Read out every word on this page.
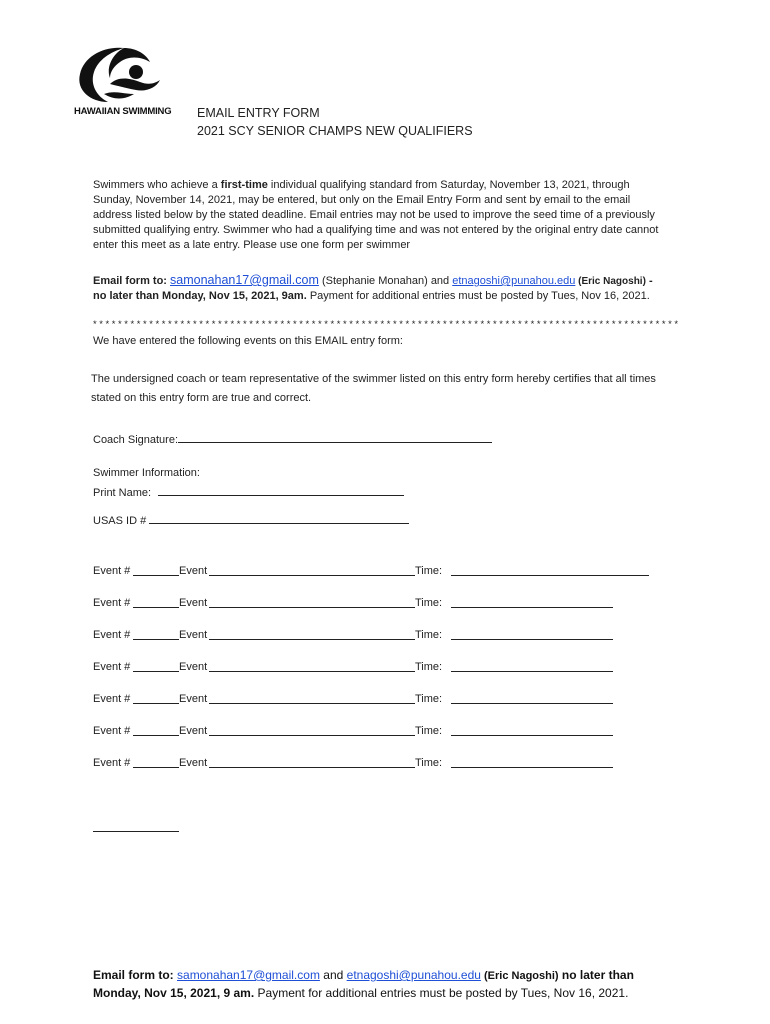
HAWAIIAN SWIMMING EMAIL ENTRY FORM
2021 SCY SENIOR CHAMPS NEW QUALIFIERS
Swimmers who achieve a first-time individual qualifying standard from Saturday, November 13, 2021, through Sunday, November 14, 2021, may be entered, but only on the Email Entry Form and sent by email to the email address listed below by the stated deadline. Email entries may not be used to improve the seed time of a previously submitted qualifying entry. Swimmer who had a qualifying time and was not entered by the original entry date cannot enter this meet as a late entry. Please use one form per swimmer
Email form to: samonahan17@gmail.com (Stephanie Monahan) and etnagoshi@punahou.edu (Eric Nagoshi) - no later than Monday, Nov 15, 2021, 9am. Payment for additional entries must be posted by Tues, Nov 16, 2021.
**********************************************************************************************
We have entered the following events on this EMAIL entry form:
The undersigned coach or team representative of the swimmer listed on this entry form hereby certifies that all times stated on this entry form are true and correct.
Coach Signature:
Swimmer Information:
Print Name:
USAS ID #
Event #	Event	Time:
Event #	Event	Time:
Event #	Event	Time:
Event #	Event	Time:
Event #	Event	Time:
Event #	Event	Time:
Event #	Event	Time:
Email form to: samonahan17@gmail.com and etnagoshi@punahou.edu (Eric Nagoshi) no later than Monday, Nov 15, 2021, 9 am. Payment for additional entries must be posted by Tues, Nov 16, 2021.
